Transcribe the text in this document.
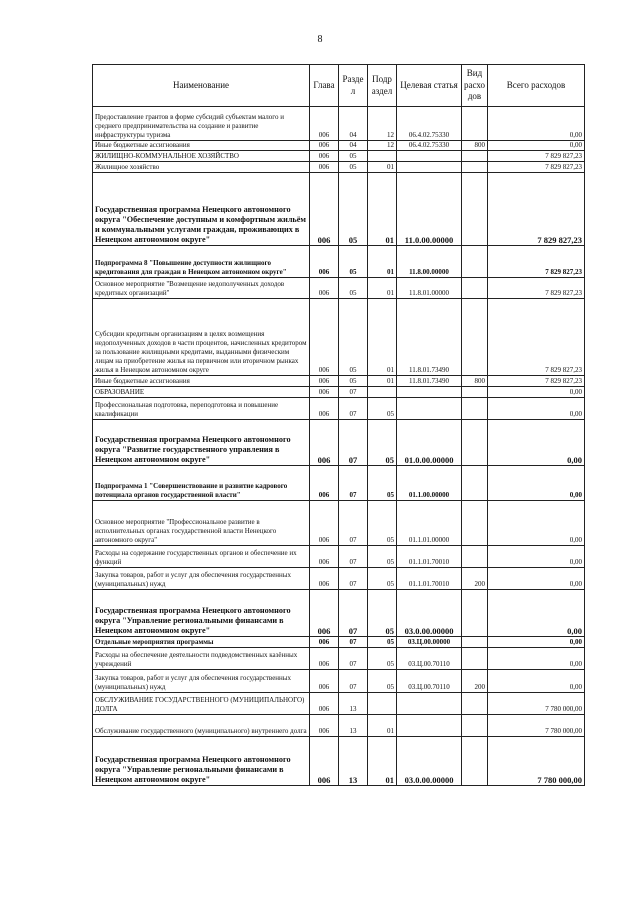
8
Наименование	Глава	Разде л	Подр аздел	Целевая статья	Вид расхо дов	Всего расходов
Предоставление грантов в форме субсидий субъектам малого и среднего предпринимательства на создание и развитие инфраструктуры туризма	006	04	12	06.4.02.75330		0,00
Иные бюджетные ассигнования	006	04	12	06.4.02.75330	800	0,00
ЖИЛИЩНО-КОММУНАЛЬНОЕ ХОЗЯЙСТВО	006	05				7 829 827,23
Жилищное хозяйство	006	05	01			7 829 827,23
Государственная программа Ненецкого автономного округа "Обеспечение доступным и комфортным жильём и коммунальными услугами граждан, проживающих в Ненецком автономном округе"	006	05	01	11.0.00.00000		7 829 827,23
Подпрограмма 8 "Повышение доступности жилищного кредитования для граждан в Ненецком автономном округе"	006	05	01	11.8.00.00000		7 829 827,23
Основное мероприятие "Возмещение недополученных доходов кредитных организаций"	006	05	01	11.8.01.00000		7 829 827,23
Субсидии кредитным организациям в целях возмещения недополученных доходов в части процентов, начисленных кредитором за пользование жилищными кредитами, выданными физическим лицам на приобретение жилья на первичном или вторичном рынках жилья в Ненецком автономном округе	006	05	01	11.8.01.73490		7 829 827,23
Иные бюджетные ассигнования	006	05	01	11.8.01.73490	800	7 829 827,23
ОБРАЗОВАНИЕ	006	07				0,00
Профессиональная подготовка, переподготовка и повышение квалификации	006	07	05			0,00
Государственная программа Ненецкого автономного округа "Развитие государственного управления в Ненецком автономном округе"	006	07	05	01.0.00.00000		0,00
Подпрограмма 1 "Совершенствование и развитие кадрового потенциала органов государственной власти"	006	07	05	01.1.00.00000		0,00
Основное мероприятие "Профессиональное развитие в исполнительных органах государственной власти Ненецкого автономного округа"	006	07	05	01.1.01.00000		0,00
Расходы на содержание государственных органов и обеспечение их функций	006	07	05	01.1.01.70010		0,00
Закупка товаров, работ и услуг для обеспечения государственных (муниципальных) нужд	006	07	05	01.1.01.70010	200	0,00
Государственная программа Ненецкого автономного округа "Управление региональными финансами в Ненецком автономном округе"	006	07	05	03.0.00.00000		0,00
Отдельные мероприятия программы	006	07	05	03.Ц.00.00000		0,00
Расходы на обеспечение деятельности подведомственных казённых учреждений	006	07	05	03.Ц.00.70110		0,00
Закупка товаров, работ и услуг для обеспечения государственных (муниципальных) нужд	006	07	05	03.Ц.00.70110	200	0,00
ОБСЛУЖИВАНИЕ ГОСУДАРСТВЕННОГО (МУНИЦИПАЛЬНОГО) ДОЛГА	006	13				7 780 000,00
Обслуживание государственного (муниципального) внутреннего долга	006	13	01			7 780 000,00
Государственная программа Ненецкого автономного округа "Управление региональными финансами в Ненецком автономном округе"	006	13	01	03.0.00.00000		7 780 000,00
